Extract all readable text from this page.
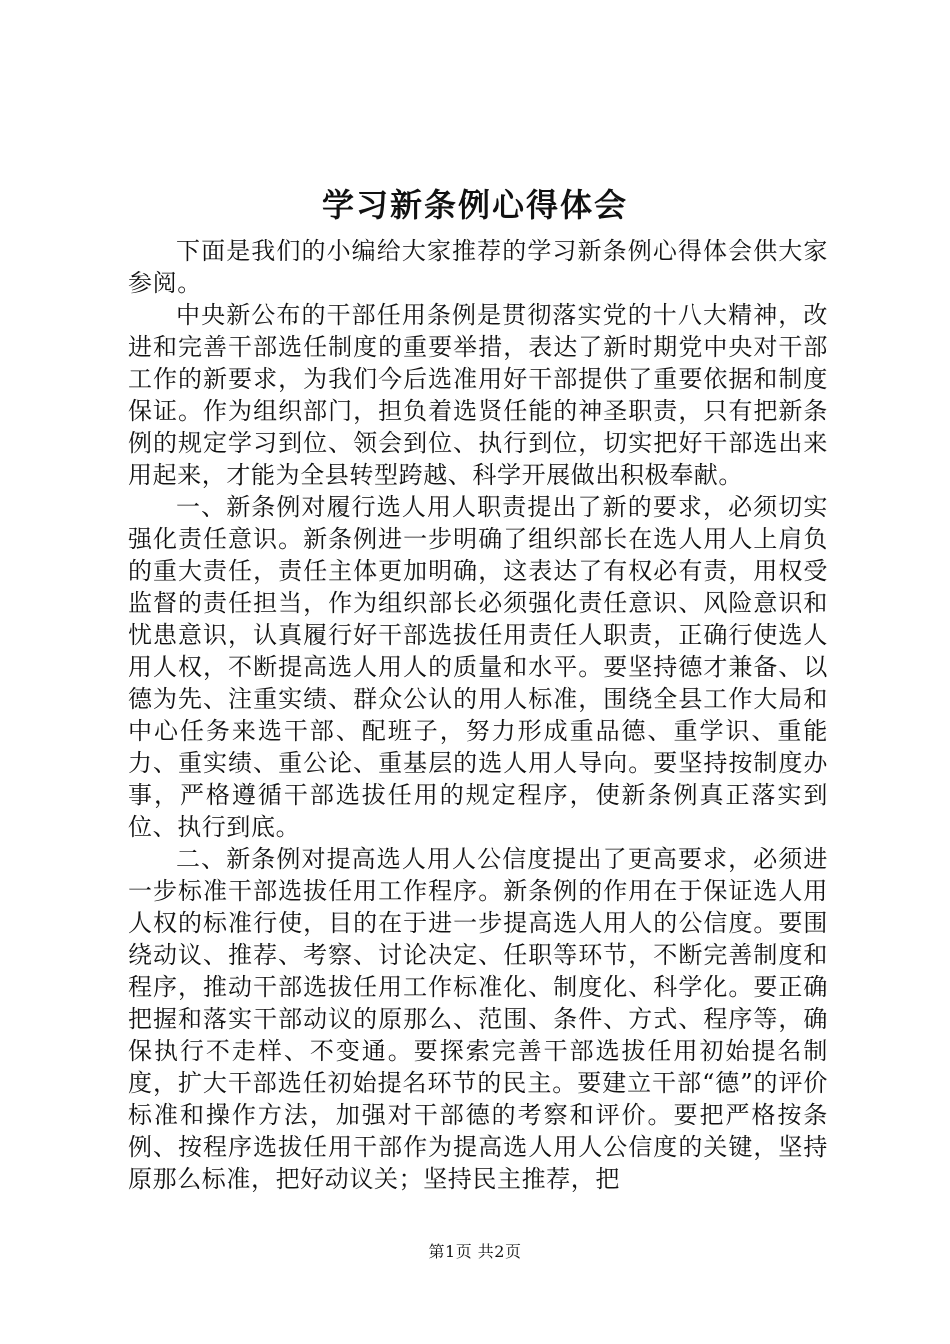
学习新条例心得体会

下面是我们的小编给大家推荐的学习新条例心得体会供大家参阅。

中央新公布的干部任用条例是贯彻落实党的十八大精神，改进和完善干部选任制度的重要举措，表达了新时期党中央对干部工作的新要求，为我们今后选准用好干部提供了重要依据和制度保证。作为组织部门，担负着选贤任能的神圣职责，只有把新条例的规定学习到位、领会到位、执行到位，切实把好干部选出来用起来，才能为全县转型跨越、科学开展做出积极奉献。

一、新条例对履行选人用人职责提出了新的要求，必须切实强化责任意识。新条例进一步明确了组织部长在选人用人上肩负的重大责任，责任主体更加明确，这表达了有权必有责，用权受监督的责任担当，作为组织部长必须强化责任意识、风险意识和忧患意识，认真履行好干部选拔任用责任人职责，正确行使选人用人权，不断提高选人用人的质量和水平。要坚持德才兼备、以德为先、注重实绩、群众公认的用人标准，围绕全县工作大局和中心任务来选干部、配班子，努力形成重品德、重学识、重能力、重实绩、重公论、重基层的选人用人导向。要坚持按制度办事，严格遵循干部选拔任用的规定程序，使新条例真正落实到位、执行到底。

二、新条例对提高选人用人公信度提出了更高要求，必须进一步标准干部选拔任用工作程序。新条例的作用在于保证选人用人权的标准行使，目的在于进一步提高选人用人的公信度。要围绕动议、推荐、考察、讨论决定、任职等环节，不断完善制度和程序，推动干部选拔任用工作标准化、制度化、科学化。要正确把握和落实干部动议的原那么、范围、条件、方式、程序等，确保执行不走样、不变通。要探索完善干部选拔任用初始提名制度，扩大干部选任初始提名环节的民主。要建立干部“德”的评价标准和操作方法，加强对干部德的考察和评价。要把严格按条例、按程序选拔任用干部作为提高选人用人公信度的关键，坚持原那么标准，把好动议关；坚持民主推荐，把

第1页 共2页
